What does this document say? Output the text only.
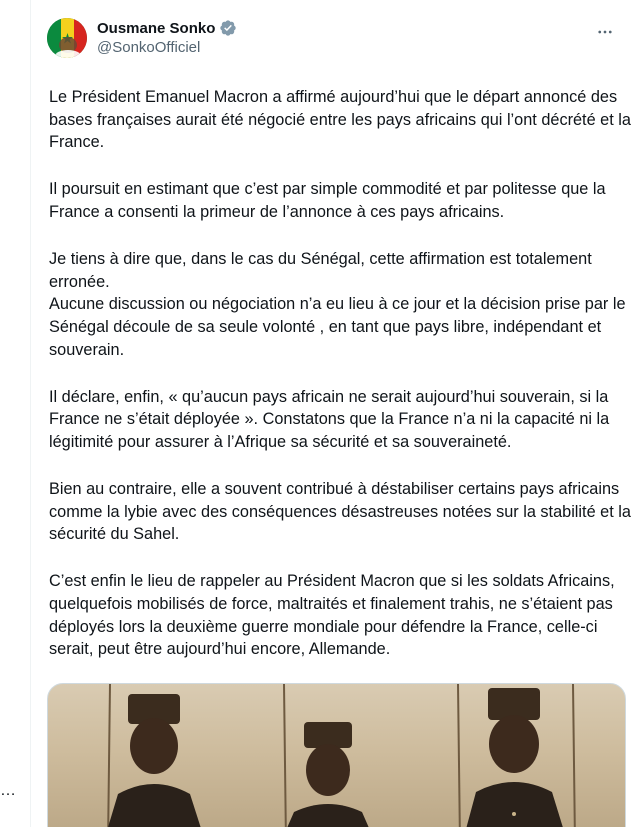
…
Ousmane Sonko
@SonkoOfficiel

Le Président Emanuel Macron a affirmé aujourd’hui que le départ annoncé des bases françaises aurait été négocié entre les pays africains qui l’ont décrété et la France.

Il poursuit en estimant que c’est par simple commodité et par politesse que la France a consenti la primeur de l’annonce à ces pays africains.

Je tiens à dire que, dans le cas du Sénégal, cette affirmation est totalement erronée.
Aucune discussion ou négociation n’a eu lieu à ce jour et la décision prise par le Sénégal découle de sa seule volonté , en tant que pays libre, indépendant et souverain.

Il déclare, enfin, « qu’aucun pays africain ne serait aujourd’hui souverain, si la France ne s’était déployée ». Constatons que la France n’a ni la capacité ni la légitimité pour assurer à l’Afrique sa sécurité et sa souveraineté.

Bien au contraire, elle a souvent contribué à déstabiliser certains pays africains comme la lybie avec des conséquences désastreuses notées sur la stabilité et la sécurité du Sahel.

C’est enfin le lieu de rappeler au Président Macron que si les soldats Africains, quelquefois mobilisés de force, maltraités et finalement trahis, ne s’étaient pas déployés lors la deuxième guerre mondiale pour défendre la France, celle-ci serait, peut être aujourd’hui encore, Allemande.
